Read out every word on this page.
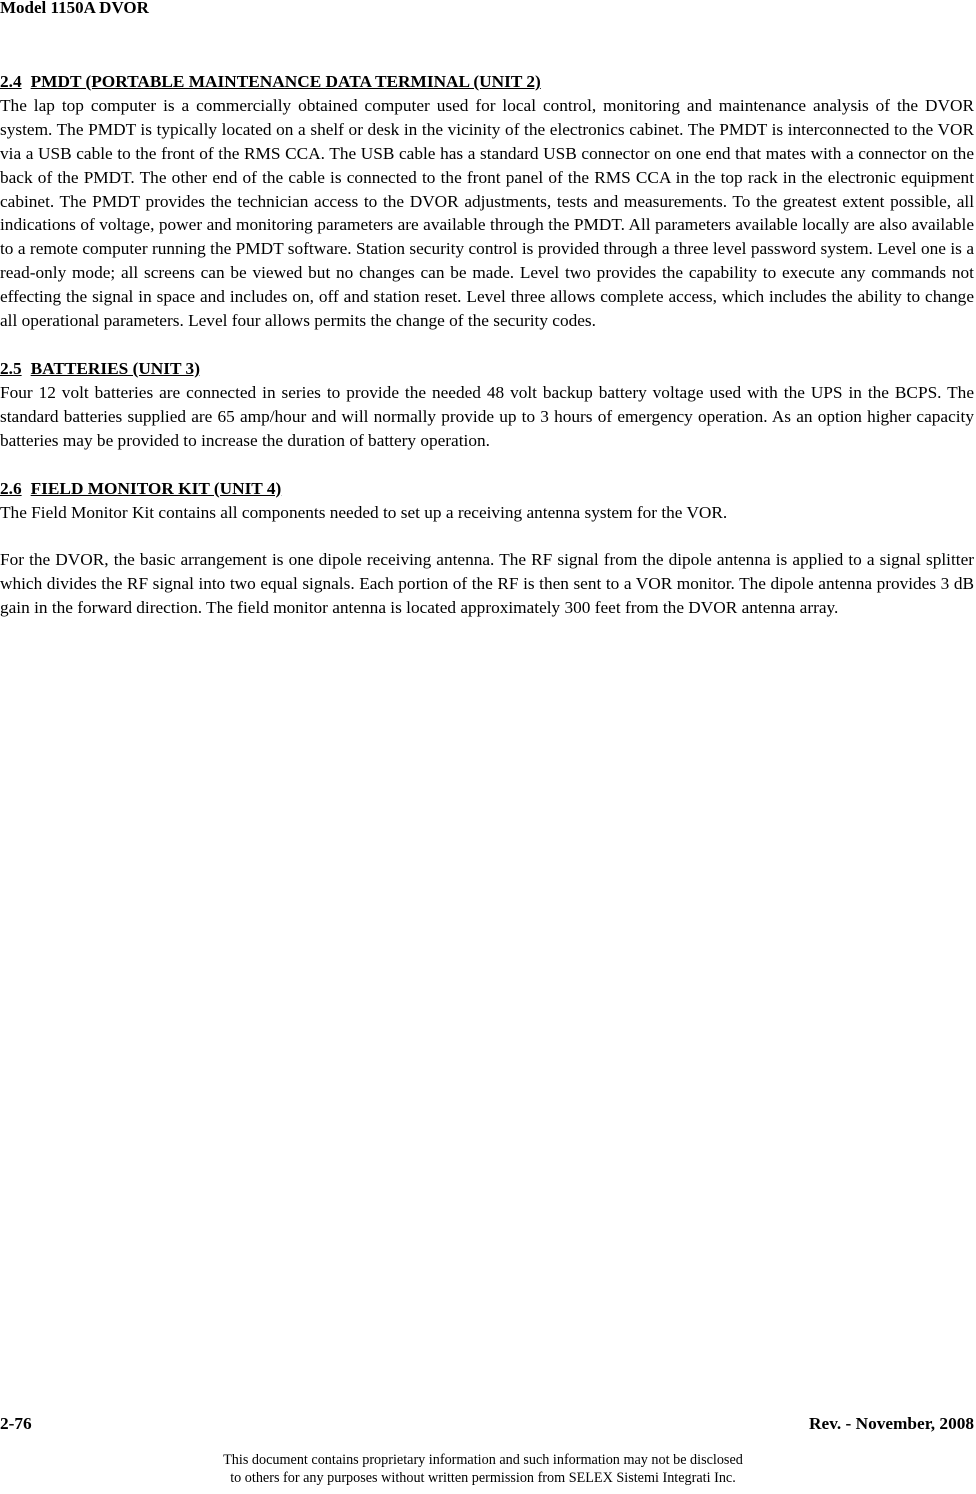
Model 1150A DVOR

2.4 PMDT (PORTABLE MAINTENANCE DATA TERMINAL (UNIT 2)

The lap top computer is a commercially obtained computer used for local control, monitoring and maintenance analysis of the DVOR system. The PMDT is typically located on a shelf or desk in the vicinity of the electronics cabinet. The PMDT is interconnected to the VOR via a USB cable to the front of the RMS CCA. The USB cable has a standard USB connector on one end that mates with a connector on the back of the PMDT. The other end of the cable is connected to the front panel of the RMS CCA in the top rack in the electronic equipment cabinet. The PMDT provides the technician access to the DVOR adjustments, tests and measurements. To the greatest extent possible, all indications of voltage, power and monitoring parameters are available through the PMDT. All parameters available locally are also available to a remote computer running the PMDT software. Station security control is provided through a three level password system. Level one is a read-only mode; all screens can be viewed but no changes can be made. Level two provides the capability to execute any commands not effecting the signal in space and includes on, off and station reset. Level three allows complete access, which includes the ability to change all operational parameters. Level four allows permits the change of the security codes.

2.5 BATTERIES (UNIT 3)

Four 12 volt batteries are connected in series to provide the needed 48 volt backup battery voltage used with the UPS in the BCPS. The standard batteries supplied are 65 amp/hour and will normally provide up to 3 hours of emergency operation. As an option higher capacity batteries may be provided to increase the duration of battery operation.

2.6 FIELD MONITOR KIT (UNIT 4)

The Field Monitor Kit contains all components needed to set up a receiving antenna system for the VOR.

For the DVOR, the basic arrangement is one dipole receiving antenna. The RF signal from the dipole antenna is applied to a signal splitter which divides the RF signal into two equal signals. Each portion of the RF is then sent to a VOR monitor. The dipole antenna provides 3 dB gain in the forward direction. The field monitor antenna is located approximately 300 feet from the DVOR antenna array.

2-76	Rev. - November, 2008
This document contains proprietary information and such information may not be disclosed
to others for any purposes without written permission from SELEX Sistemi Integrati Inc.
